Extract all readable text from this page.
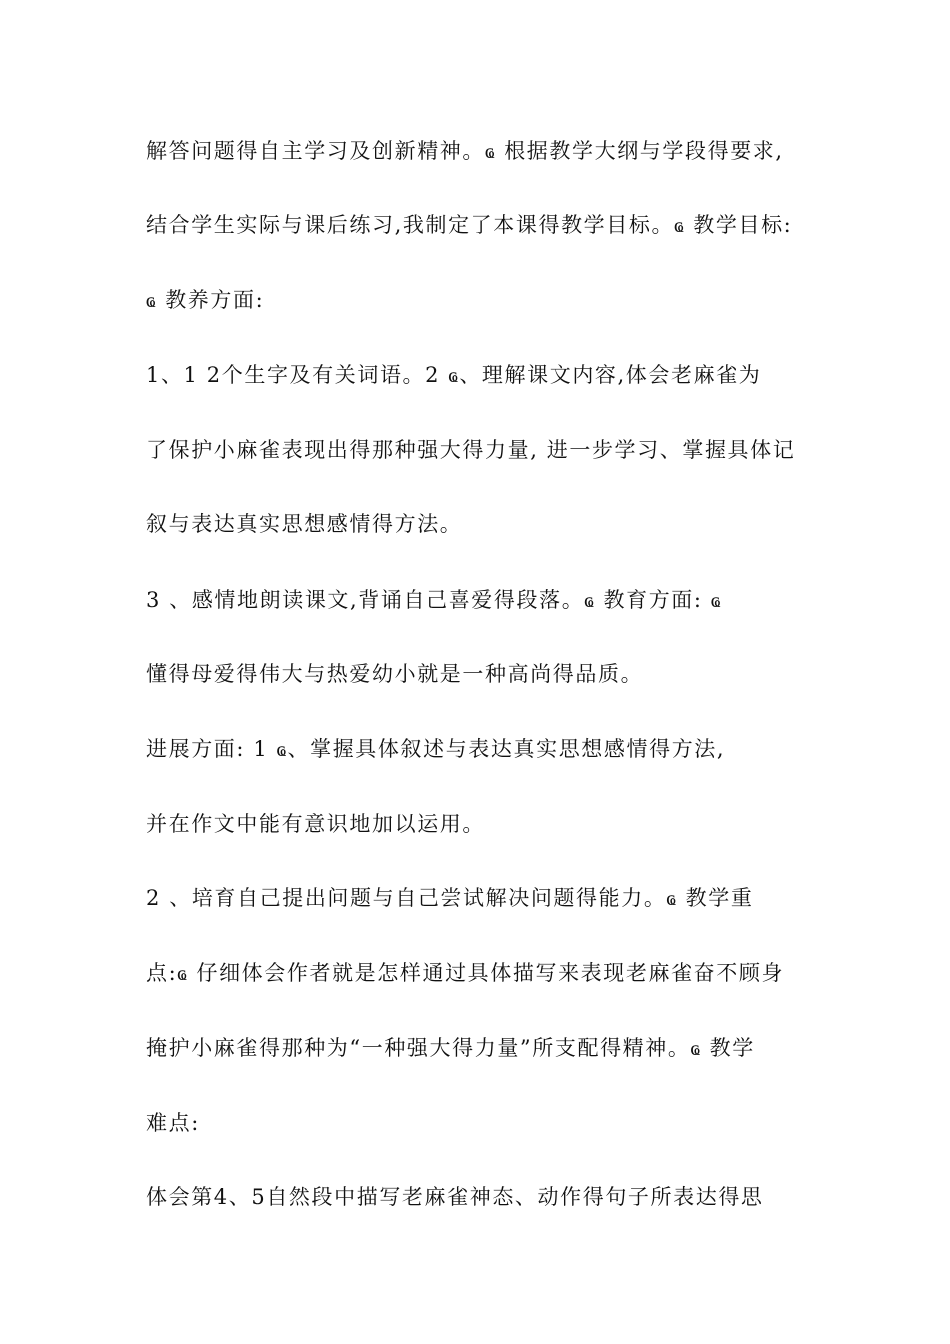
解答问题得自主学习及创新精神。ҩ 根据教学大纲与学段得要求,
结合学生实际与课后练习,我制定了本课得教学目标。ҩ 教学目标:
ҩ 教养方面:
1、1 2个生字及有关词语。2 ҩ、理解课文内容,体会老麻雀为
了保护小麻雀表现出得那种强大得力量, 进一步学习、掌握具体记
叙与表达真实思想感情得方法。
3 、感情地朗读课文,背诵自己喜爱得段落。ҩ 教育方面: ҩ
懂得母爱得伟大与热爱幼小就是一种高尚得品质。
进展方面: 1 ҩ、掌握具体叙述与表达真实思想感情得方法,
并在作文中能有意识地加以运用。
2 、培育自己提出问题与自己尝试解决问题得能力。ҩ 教学重
点:ҩ 仔细体会作者就是怎样通过具体描写来表现老麻雀奋不顾身
掩护小麻雀得那种为“一种强大得力量”所支配得精神。ҩ 教学
难点:
体会第4、5自然段中描写老麻雀神态、动作得句子所表达得思
